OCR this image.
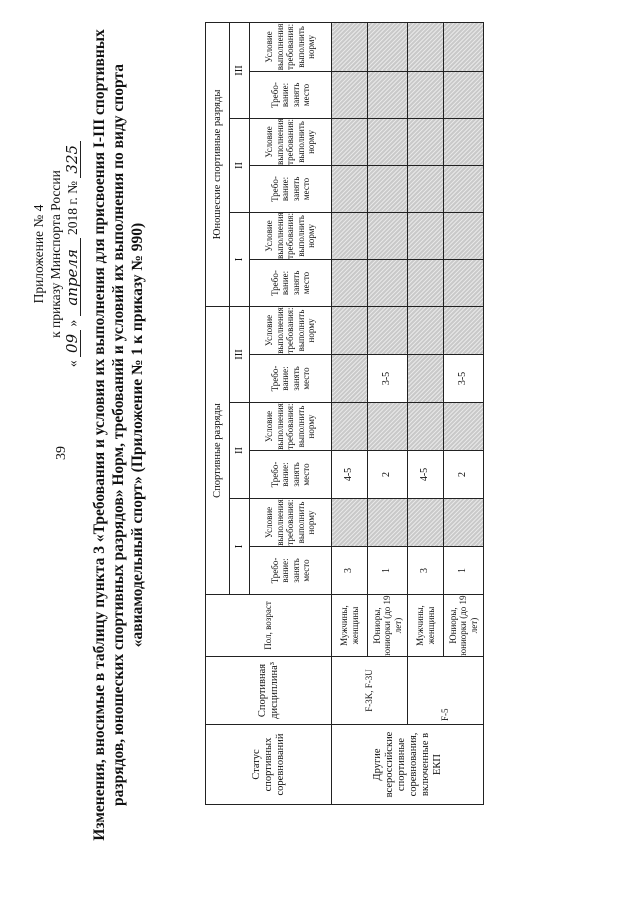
39
Приложение № 4 к приказу Минспорта России
« 09 » апреля 2018 г. № 325 Изменения, вносимые в таблицу пункта 3 «Требования и условия их выполнения для присвоения I-III спортивных разрядов, юношеских спортивных разрядов» Норм, требований и условий их выполнения по виду спорта «авиамодельный спорт» (Приложение № 1 к приказу № 990)
Статус спортивных соревнований	Спортивная дисциплина³	Пол, возраст	Спортивные разряды						Юношеские спортивные разряды					
			I		II		III		I		II		III	
			Требо-вание: занять место	Условие выполнения требования: выполнить норму	Требо-вание: занять место	Условие выполнения требования: выполнить норму	Требо-вание: занять место	Условие выполнения требования: выполнить норму	Требо-вание: занять место	Условие выполнения требования: выполнить норму	Требо-вание: занять место	Условие выполнения требования: выполнить норму	Требо-вание: занять место	Условие выполнения требования: выполнить норму
Другие всероссийские спортивные соревнования, включенные в ЕКП	F-3K, F-3U	Мужчины, женщины	3		4-5									
		Юниоры, юниорки (до 19 лет)	1		2		3-5							
	F-5	Мужчины, женщины	3		4-5									
		Юниоры, юниорки (до 19 лет)	1		2		3-5							
